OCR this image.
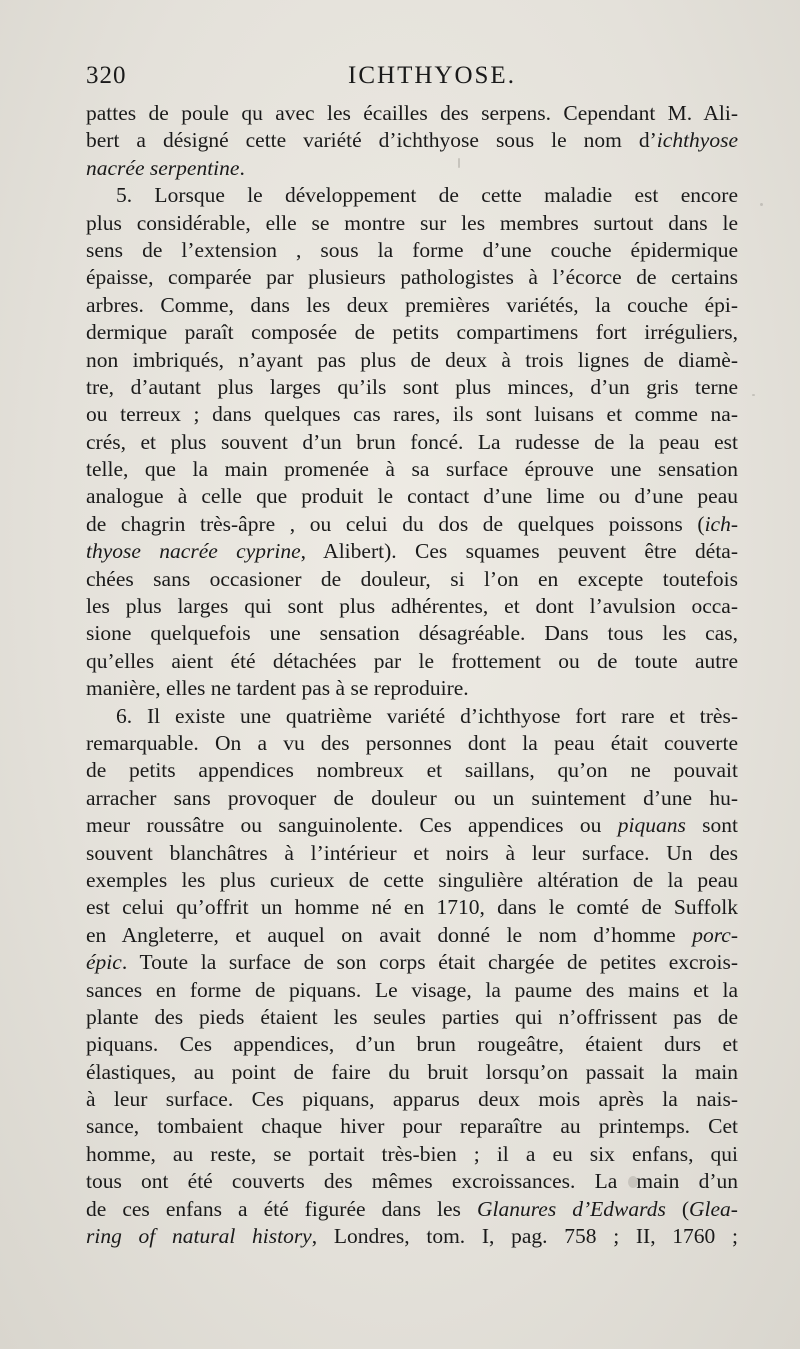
320	ICHTHYOSE.
pattes de poule qu avec les écailles des serpens. Cependant M. Ali-
bert a désigné cette variété d’ichthyose sous le nom d’ichthyose
nacrée serpentine.
5. Lorsque le développement de cette maladie est encore
plus considérable, elle se montre sur les membres surtout dans le
sens de l’extension , sous la forme d’une couche épidermique
épaisse, comparée par plusieurs pathologistes à l’écorce de certains
arbres. Comme, dans les deux premières variétés, la couche épi-
dermique paraît composée de petits compartimens fort irréguliers,
non imbriqués, n’ayant pas plus de deux à trois lignes de diamè-
tre, d’autant plus larges qu’ils sont plus minces, d’un gris terne
ou terreux ; dans quelques cas rares, ils sont luisans et comme na-
crés, et plus souvent d’un brun foncé. La rudesse de la peau est
telle, que la main promenée à sa surface éprouve une sensation
analogue à celle que produit le contact d’une lime ou d’une peau
de chagrin très-âpre , ou celui du dos de quelques poissons (ich-
thyose nacrée cyprine, Alibert). Ces squames peuvent être déta-
chées sans occasioner de douleur, si l’on en excepte toutefois
les plus larges qui sont plus adhérentes, et dont l’avulsion occa-
sione quelquefois une sensation désagréable. Dans tous les cas,
qu’elles aient été détachées par le frottement ou de toute autre
manière, elles ne tardent pas à se reproduire.
6. Il existe une quatrième variété d’ichthyose fort rare et très-
remarquable. On a vu des personnes dont la peau était couverte
de petits appendices nombreux et saillans, qu’on ne pouvait
arracher sans provoquer de douleur ou un suintement d’une hu-
meur roussâtre ou sanguinolente. Ces appendices ou piquans sont
souvent blanchâtres à l’intérieur et noirs à leur surface. Un des
exemples les plus curieux de cette singulière altération de la peau
est celui qu’offrit un homme né en 1710, dans le comté de Suffolk
en Angleterre, et auquel on avait donné le nom d’homme porc-
épic. Toute la surface de son corps était chargée de petites excrois-
sances en forme de piquans. Le visage, la paume des mains et la
plante des pieds étaient les seules parties qui n’offrissent pas de
piquans. Ces appendices, d’un brun rougeâtre, étaient durs et
élastiques, au point de faire du bruit lorsqu’on passait la main
à leur surface. Ces piquans, apparus deux mois après la nais-
sance, tombaient chaque hiver pour reparaître au printemps. Cet
homme, au reste, se portait très-bien ; il a eu six enfans, qui
tous ont été couverts des mêmes excroissances. La main d’un
de ces enfans a été figurée dans les Glanures d’Edwards (Glea-
ring of natural history, Londres, tom. I, pag. 758 ; II, 1760 ;
